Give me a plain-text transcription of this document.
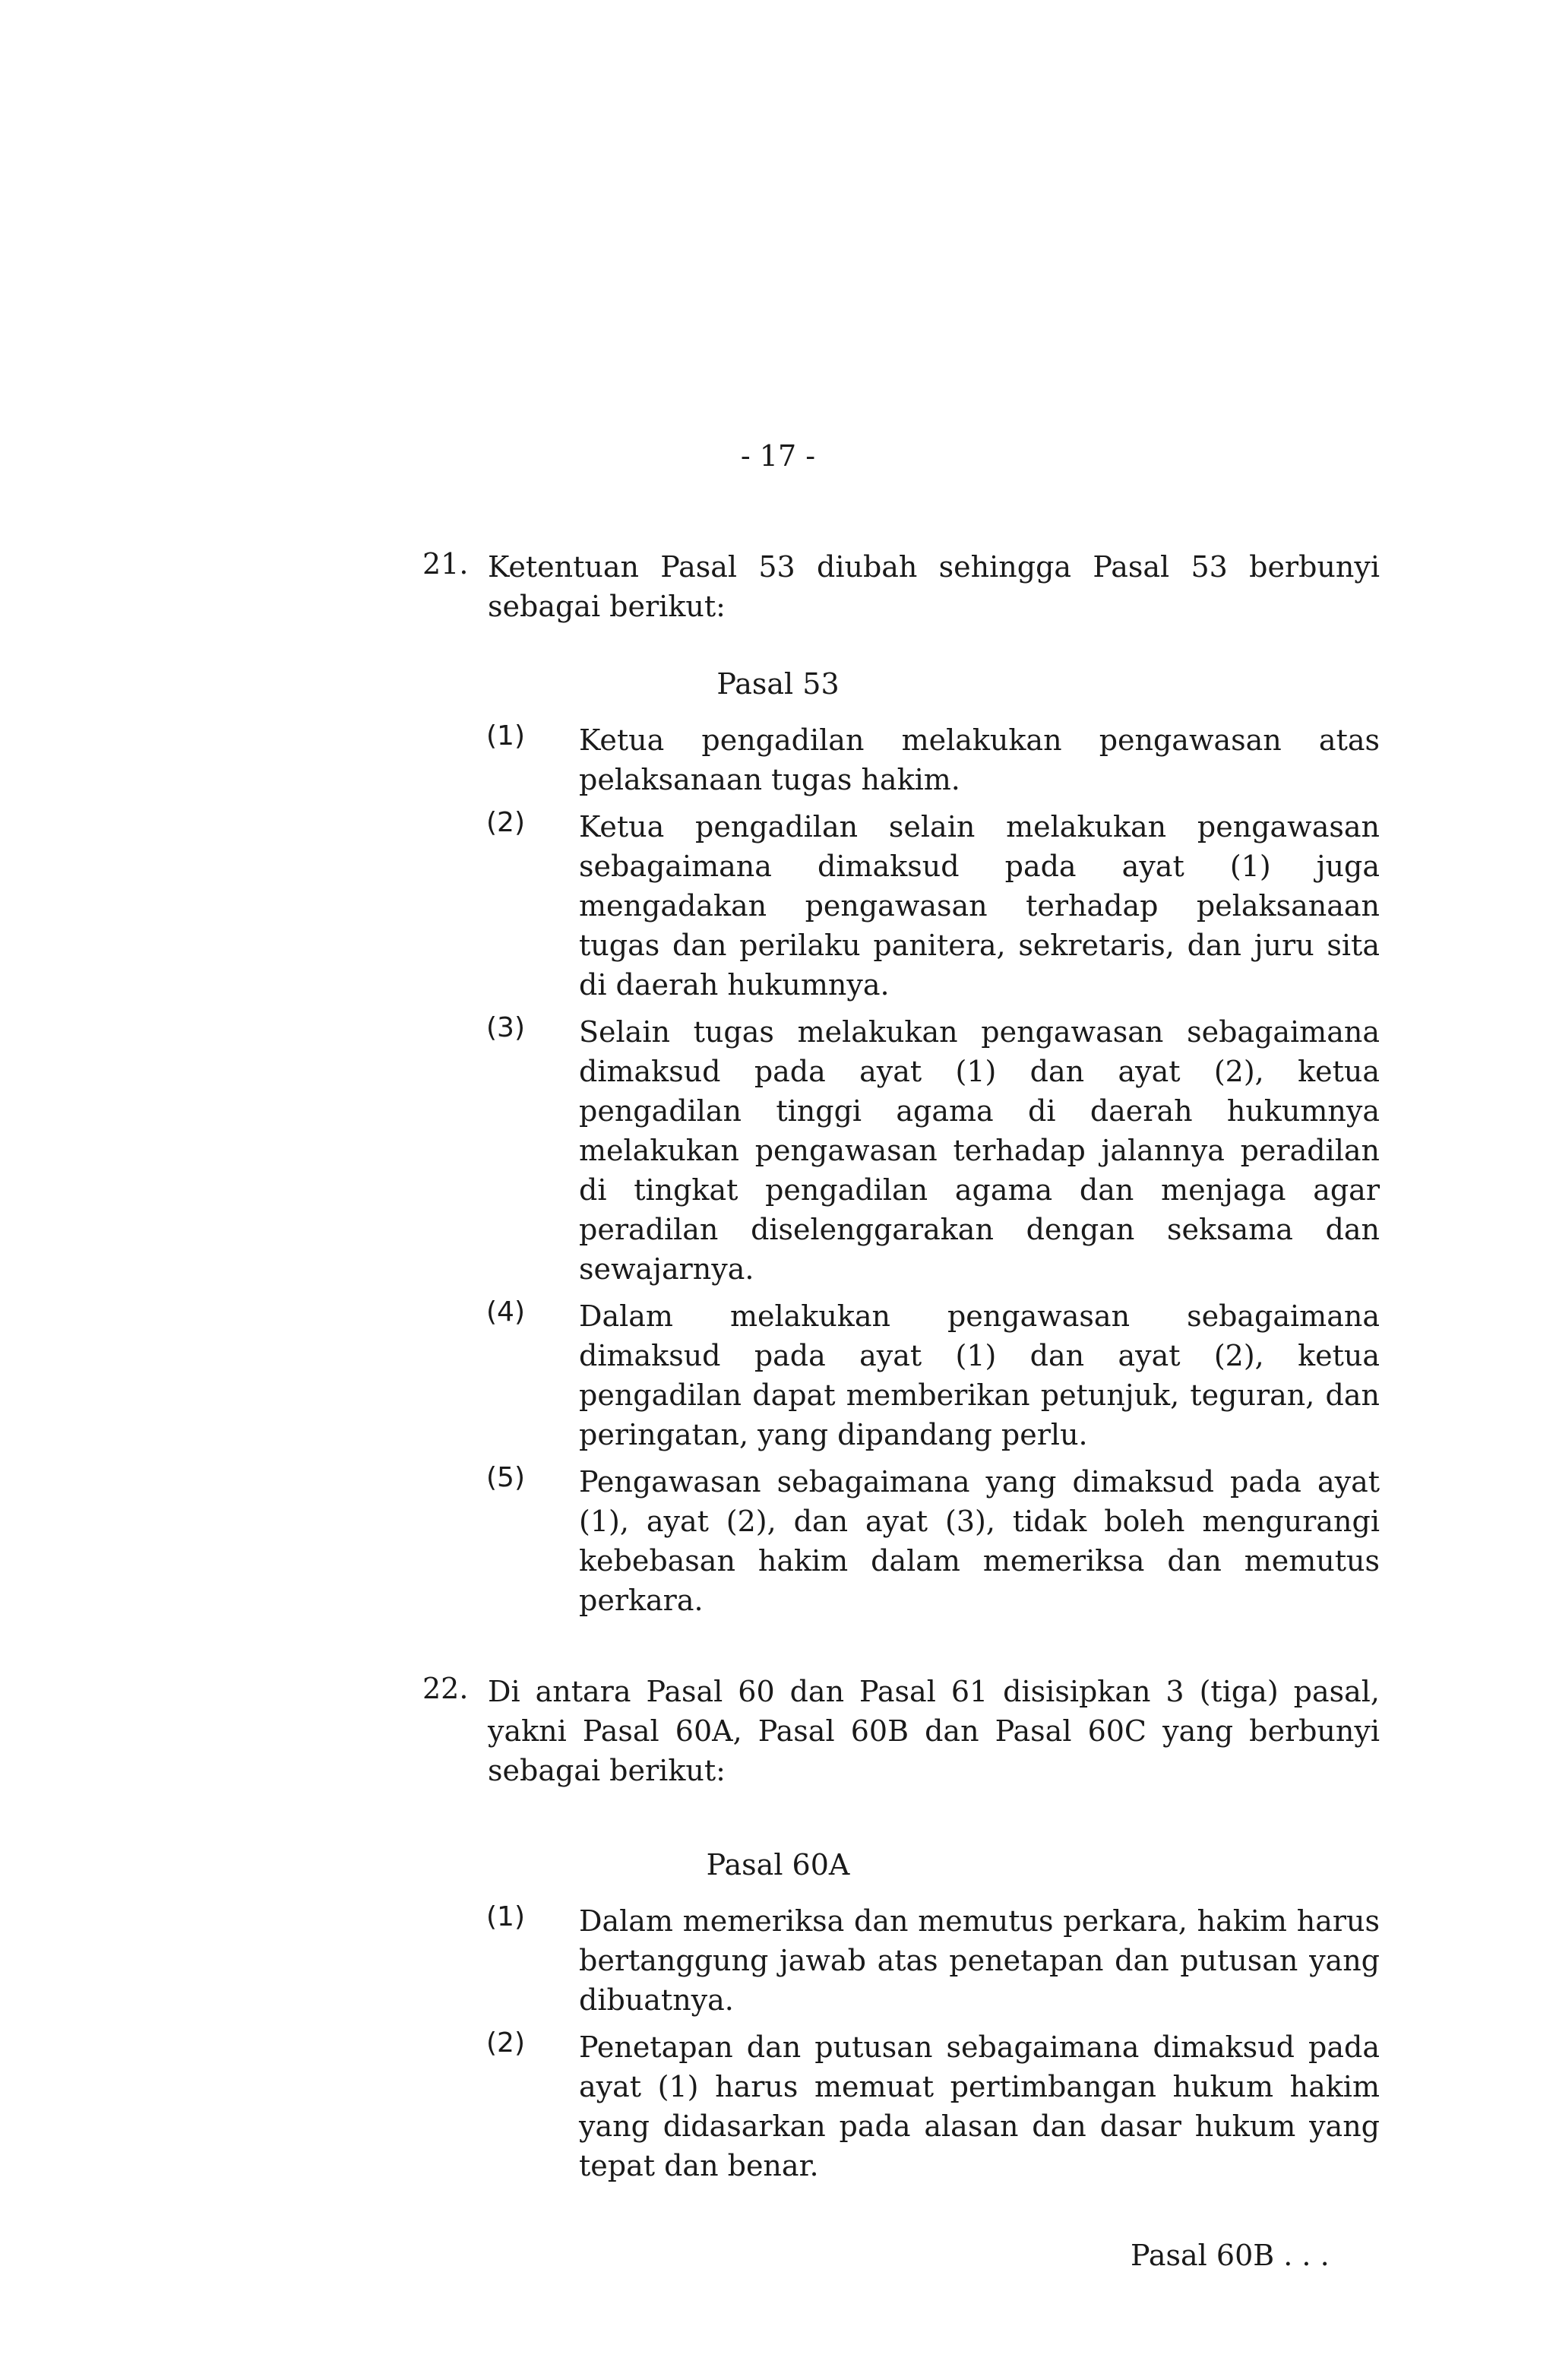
- 17 -
21. Ketentuan Pasal 53 diubah sehingga Pasal 53 berbunyi sebagai berikut:
Pasal 53
(1) Ketua pengadilan melakukan pengawasan atas pelaksanaan tugas hakim.
(2) Ketua pengadilan selain melakukan pengawasan sebagaimana dimaksud pada ayat (1) juga mengadakan pengawasan terhadap pelaksanaan tugas dan perilaku panitera, sekretaris, dan juru sita di daerah hukumnya.
(3) Selain tugas melakukan pengawasan sebagaimana dimaksud pada ayat (1) dan ayat (2), ketua pengadilan tinggi agama di daerah hukumnya melakukan pengawasan terhadap jalannya peradilan di tingkat pengadilan agama dan menjaga agar peradilan diselenggarakan dengan seksama dan sewajarnya.
(4) Dalam melakukan pengawasan sebagaimana dimaksud pada ayat (1) dan ayat (2), ketua pengadilan dapat memberikan petunjuk, teguran, dan peringatan, yang dipandang perlu.
(5) Pengawasan sebagaimana yang dimaksud pada ayat (1), ayat (2), dan ayat (3), tidak boleh mengurangi kebebasan hakim dalam memeriksa dan memutus perkara.
22. Di antara Pasal 60 dan Pasal 61 disisipkan 3 (tiga) pasal, yakni Pasal 60A, Pasal 60B dan Pasal 60C yang berbunyi sebagai berikut:
Pasal 60A
(1) Dalam memeriksa dan memutus perkara, hakim harus bertanggung jawab atas penetapan dan putusan yang dibuatnya.
(2) Penetapan dan putusan sebagaimana dimaksud pada ayat (1) harus memuat pertimbangan hukum hakim yang didasarkan pada alasan dan dasar hukum yang tepat dan benar.
Pasal 60B . . .
